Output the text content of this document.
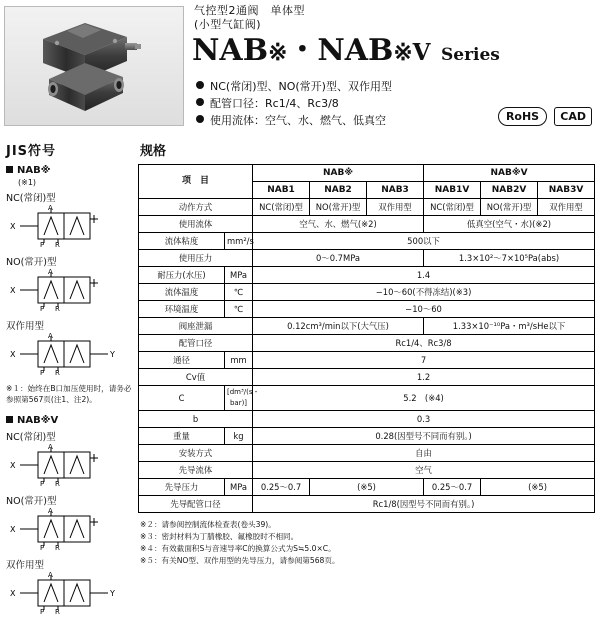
气控型2通阀　单体型
(小型气缸阀)
NAB※・NAB※V Series
NC(常闭)型、NO(常开)型、双作用型
配管口径：Rc1/4、Rc3/8
使用流体：空气、水、燃气、低真空	RoHS CAD
JIS符号
NAB※
(※1)
NC(常闭)型
A
P R
X
NO(常开)型
A
P R
X
双作用型
A
P R
X	Y
※１：始终在B口加压使用时，请务必参照第567页(注1、注2)。
NAB※V
NC(常闭)型
A
P R
X
NO(常开)型
A
P R
X
双作用型
A
P R
X	Y
规格
项　目		NAB※			NAB※V		
		NAB1	NAB2	NAB3	NAB1V	NAB2V	NAB3V
动作方式		NC(常闭)型	NO(常开)型	双作用型	NC(常闭)型	NO(常开)型	双作用型
使用流体		空气、水、燃气(※2)			低真空(空气・水)(※2)		
流体粘度	mm²/s	500以下					
使用压力		0～0.7MPa			1.3×10²～7×10⁵Pa(abs)		
耐压力(水压)	MPa	1.4					
流体温度	℃	−10～60(不得冻结)(※3)					
环境温度	℃	−10～60					
阀座泄漏		0.12cm³/min以下(大气压)			1.33×10⁻¹⁰Pa・m³/sHe以下		
配管口径		Rc1/4、Rc3/8					
通径	mm	7					
Cv值		1.2					
C	[dm³/(s・bar)]	5.2　(※4)					
b		0.3					
重量	kg	0.28(因型号不同而有别。)					
安装方式		自由					
先导流体		空气					
先导压力	MPa	0.25～0.7	(※5)		0.25～0.7	(※5)	
先导配管口径		Rc1/8(因型号不同而有别。)					
※２：请参阅控制流体检查表(卷头39)。
※３：密封材料为丁腈橡胶、氟橡胶时不相同。
※４：有效截面积S与音速导率C的换算公式为S≒5.0×C。
※５：有关NO型、双作用型的先导压力，请参阅第568页。
